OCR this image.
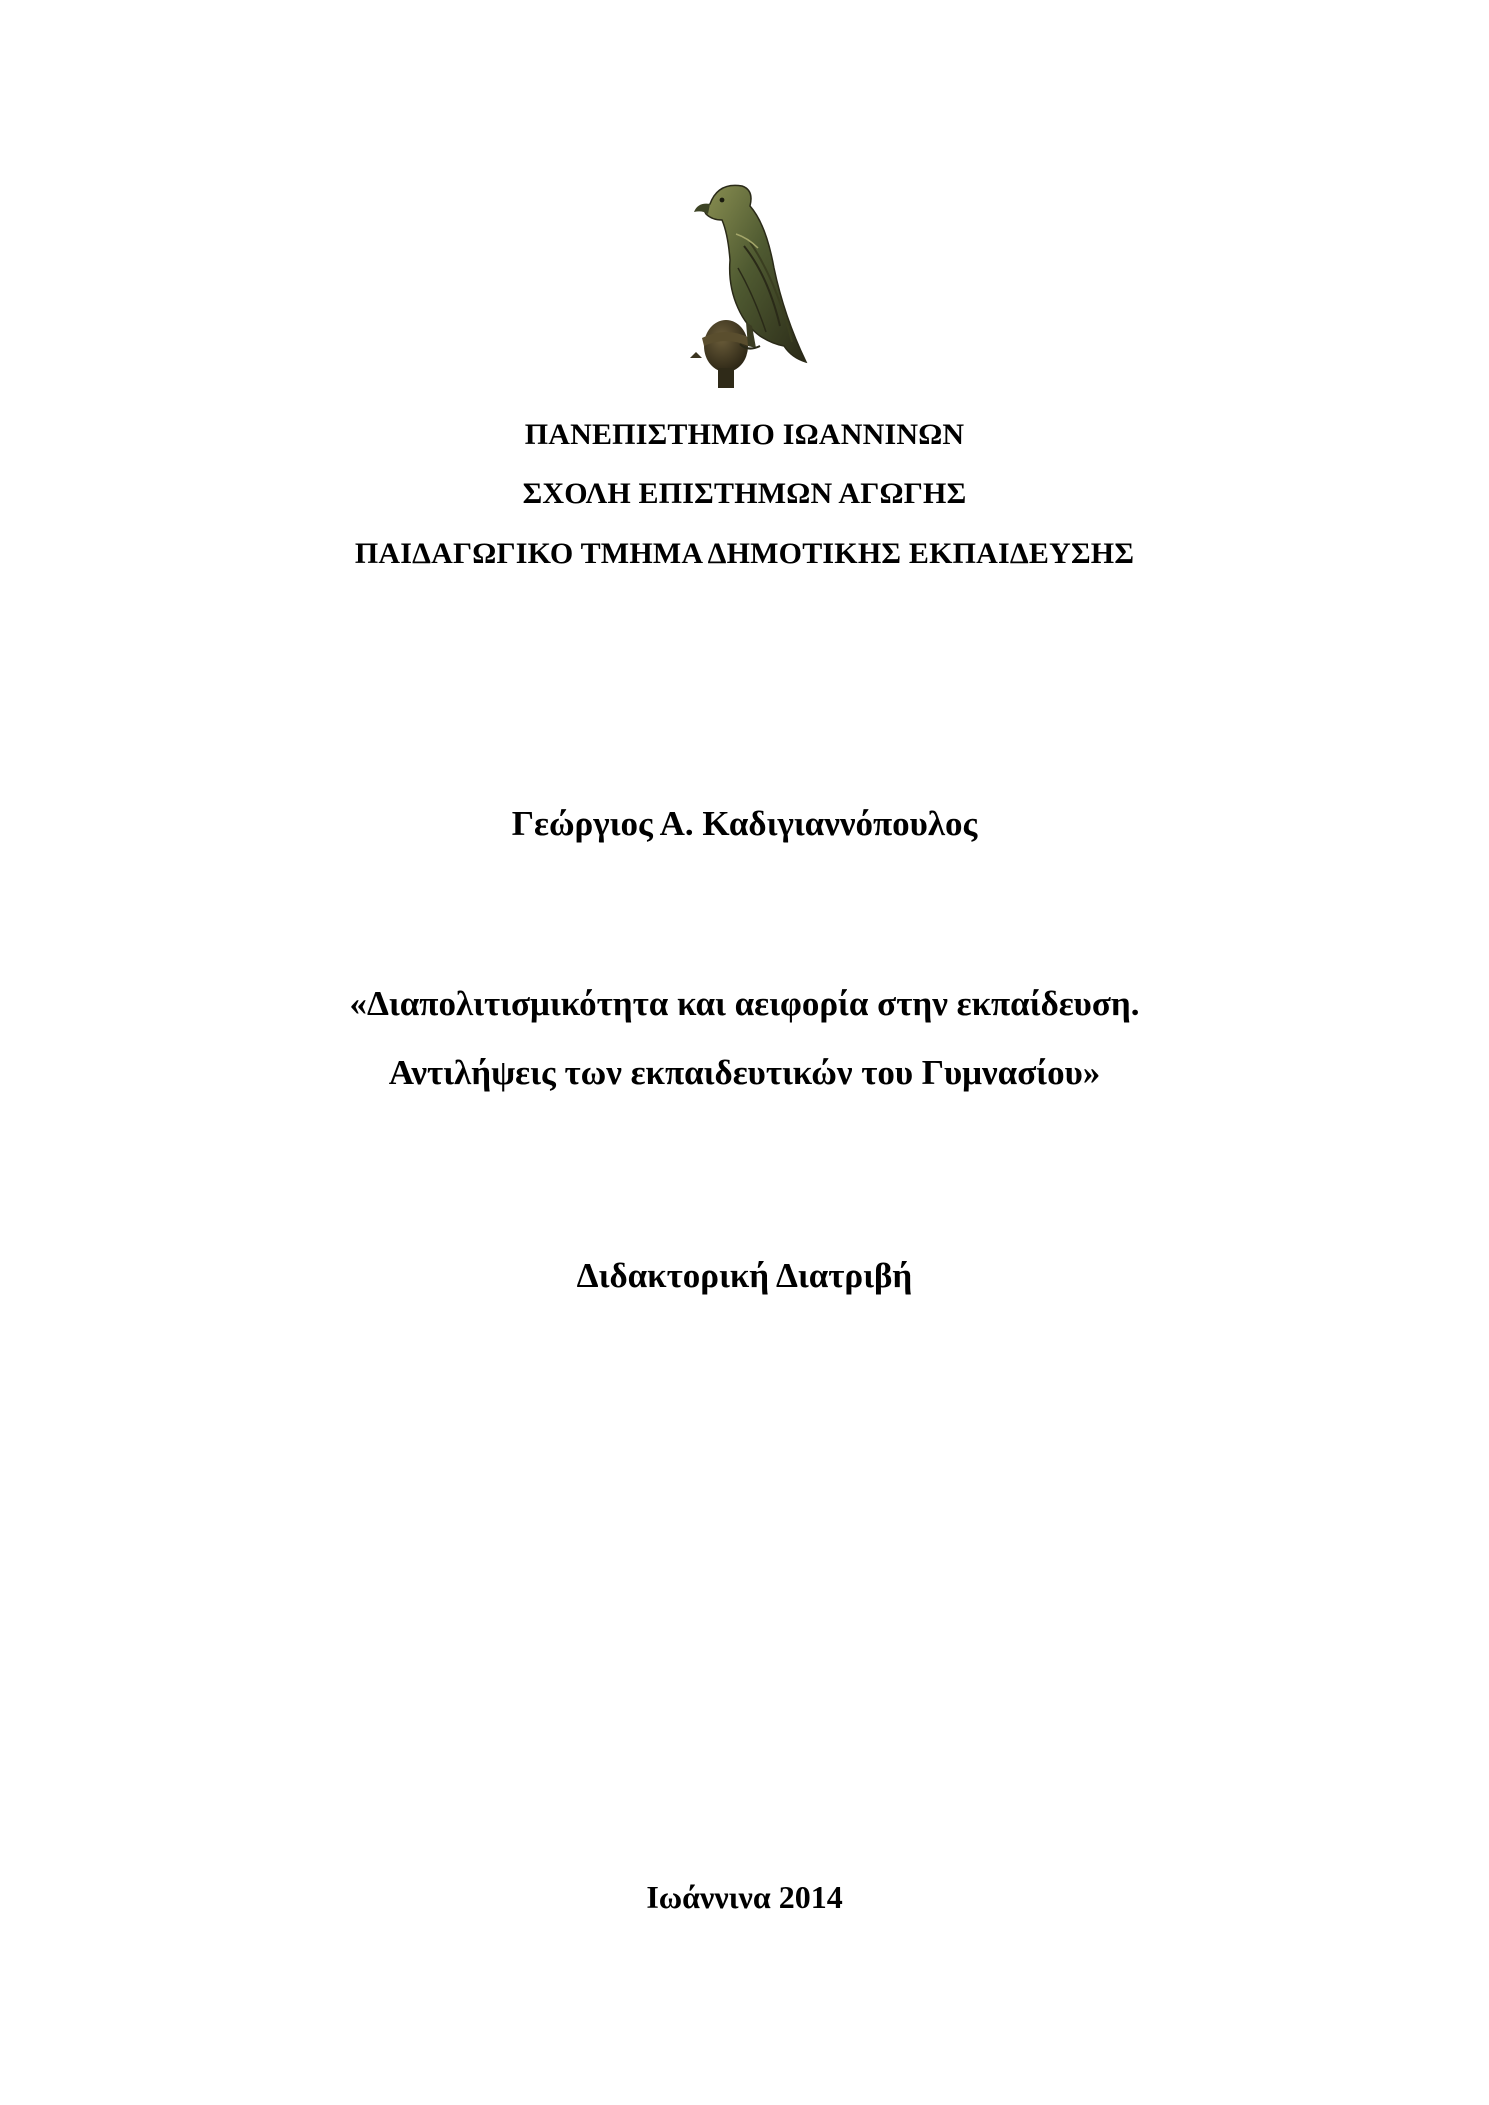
ΠΑΝΕΠΙΣΤΗΜΙΟ ΙΩΑΝΝΙΝΩΝ
ΣΧΟΛΗ ΕΠΙΣΤΗΜΩΝ ΑΓΩΓΗΣ
ΠΑΙΔΑΓΩΓΙΚΟ ΤΜΗΜΑ ΔΗΜΟΤΙΚΗΣ ΕΚΠΑΙΔΕΥΣΗΣ
Γεώργιος Α. Καδιγιαννόπουλος
«Διαπολιτισμικότητα και αειφορία στην εκπαίδευση.
Αντιλήψεις των εκπαιδευτικών του Γυμνασίου»
Διδακτορική Διατριβή
Ιωάννινα 2014
